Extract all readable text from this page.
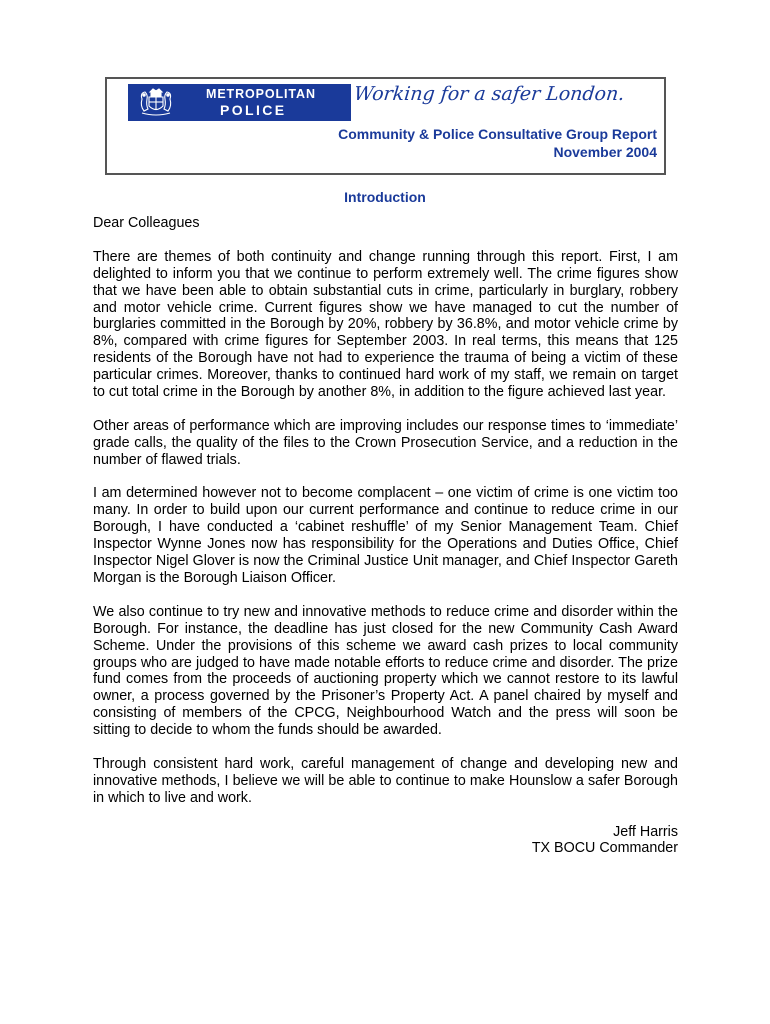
METROPOLITAN
POLICE
Working for a safer London.
Community & Police Consultative Group Report
November 2004
Introduction

Dear Colleagues

There are themes of both continuity and change running through this report. First, I am delighted to inform you that we continue to perform extremely well. The crime figures show that we have been able to obtain substantial cuts in crime, particularly in burglary, robbery and motor vehicle crime. Current figures show we have managed to cut the number of burglaries committed in the Borough by 20%, robbery by 36.8%, and motor vehicle crime by 8%, compared with crime figures for September 2003. In real terms, this means that 125 residents of the Borough have not had to experience the trauma of being a victim of these particular crimes. Moreover, thanks to continued hard work of my staff, we remain on target to cut total crime in the Borough by another 8%, in addition to the figure achieved last year.

Other areas of performance which are improving includes our response times to ‘immediate’ grade calls, the quality of the files to the Crown Prosecution Service, and a reduction in the number of flawed trials.

I am determined however not to become complacent – one victim of crime is one victim too many. In order to build upon our current performance and continue to reduce crime in our Borough, I have conducted a ‘cabinet reshuffle’ of my Senior Management Team. Chief Inspector Wynne Jones now has responsibility for the Operations and Duties Office, Chief Inspector Nigel Glover is now the Criminal Justice Unit manager, and Chief Inspector Gareth Morgan is the Borough Liaison Officer.

We also continue to try new and innovative methods to reduce crime and disorder within the Borough. For instance, the deadline has just closed for the new Community Cash Award Scheme. Under the provisions of this scheme we award cash prizes to local community groups who are judged to have made notable efforts to reduce crime and disorder. The prize fund comes from the proceeds of auctioning property which we cannot restore to its lawful owner, a process governed by the Prisoner’s Property Act. A panel chaired by myself and consisting of members of the CPCG, Neighbourhood Watch and the press will soon be sitting to decide to whom the funds should be awarded.

Through consistent hard work, careful management of change and developing new and innovative methods, I believe we will be able to continue to make Hounslow a safer Borough in which to live and work.

Jeff Harris
TX BOCU Commander
